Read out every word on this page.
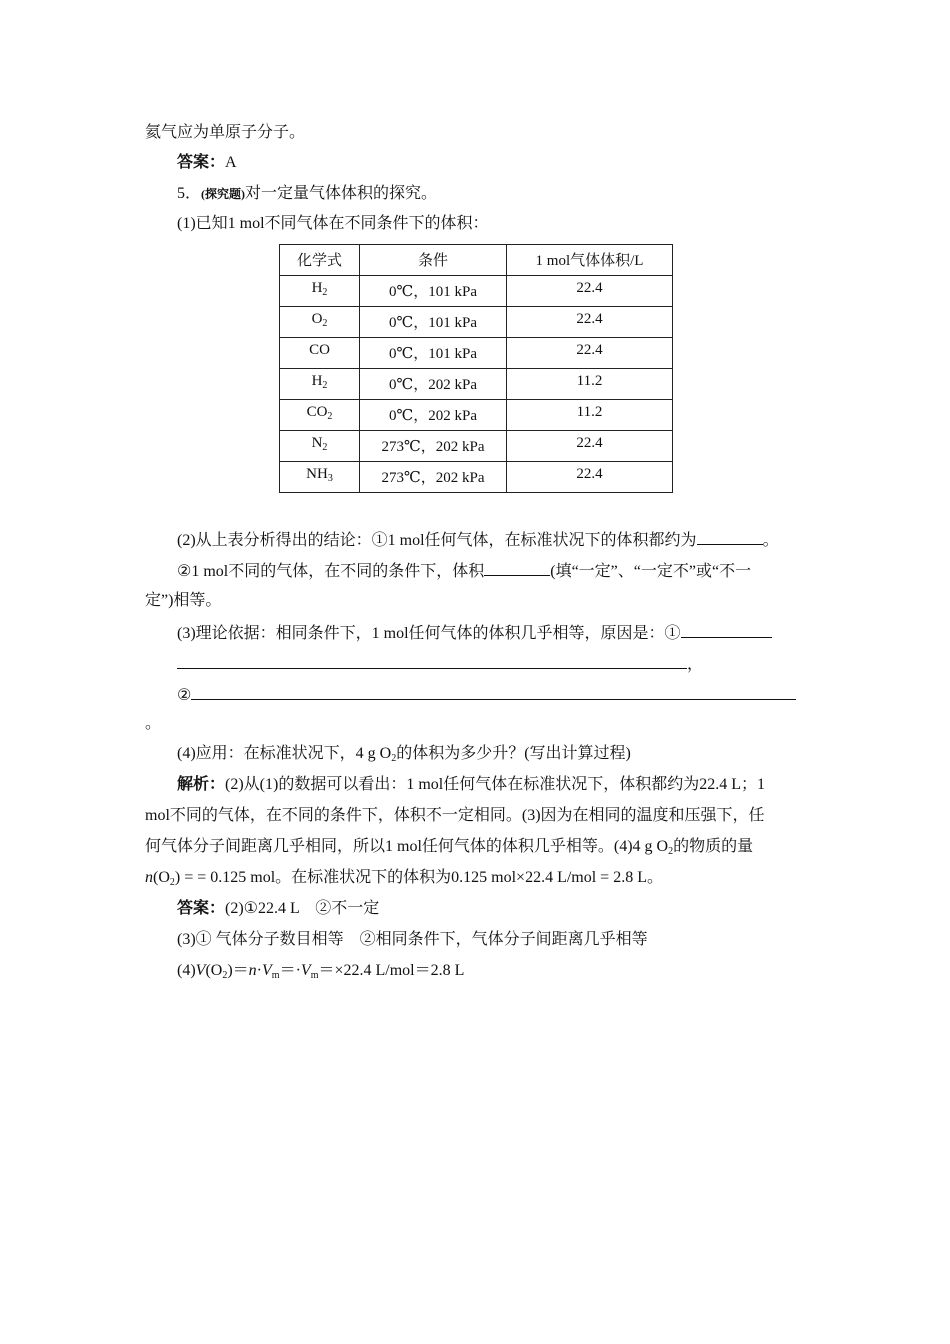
氦气应为单原子分子。
答案：A
5．(探究题)对一定量气体体积的探究。
(1)已知1 mol不同气体在不同条件下的体积：
化学式	条件	1 mol气体体积/L
$H_2$	0℃，101 kPa	22.4
$O_2$	0℃，101 kPa	22.4
CO	0℃，101 kPa	22.4
$H_2$	0℃，202 kPa	11.2
$CO_2$	0℃，202 kPa	11.2
$N_2$	273℃，202 kPa	22.4
$NH_3$	273℃，202 kPa	22.4
(2)从上表分析得出的结论：①1 mol任何气体，在标准状况下的体积都约为	。
②1 mol不同的气体，在不同的条件下，体积	(填“一定”、“一定不”或“不一
定”)相等。
(3)理论依据：相同条件下，1 mol任何气体的体积几乎相等，原因是：①
，
②
。
(4)应用：在标准状况下，4 g $O_2$的体积为多少升？(写出计算过程)
解析：(2)从(1)的数据可以看出：1 mol任何气体在标准状况下，体积都约为22.4 L；1
mol不同的气体，在不同的条件下，体积不一定相同。(3)因为在相同的温度和压强下，任
何气体分子间距离几乎相同，所以1 mol任何气体的体积几乎相等。(4)4 g $O_2$的物质的量
$n(O_2)$ = = 0.125 mol。在标准状况下的体积为0.125 mol×22.4 L/mol = 2.8 L。
答案：(2)①22.4 L　②不一定
(3)① 气体分子数目相等　②相同条件下，气体分子间距离几乎相等
$(4)V(O_2)=n\cdot V_m=\cdot V_m=\times 22.4$ L/mol＝2.8 L
